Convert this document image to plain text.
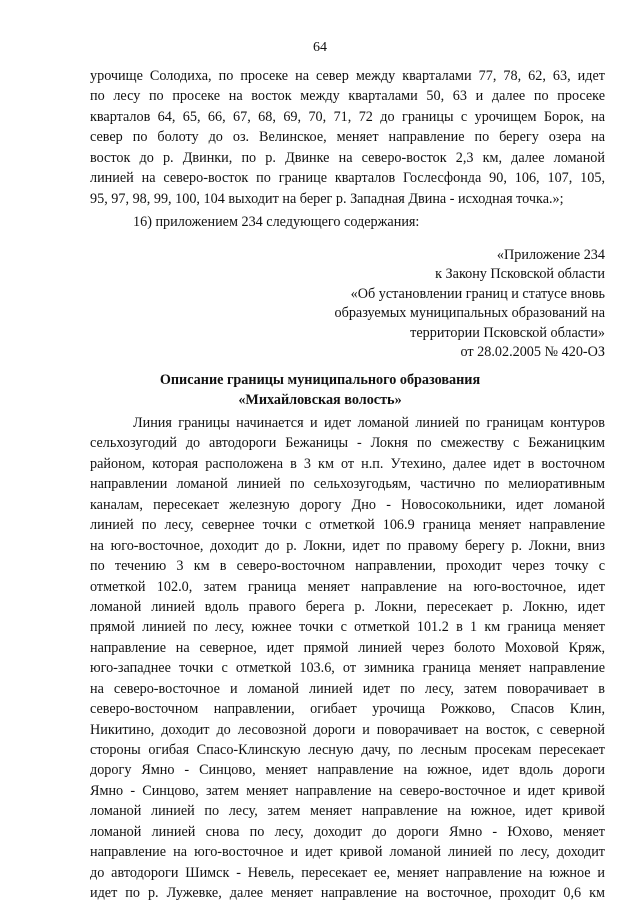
64
урочище Солодиха, по просеке на север между кварталами 77, 78, 62, 63, идет
по лесу по просеке на восток между кварталами 50, 63 и далее по просеке
кварталов 64, 65, 66, 67, 68, 69, 70, 71, 72 до границы с урочищем Борок, на
север по болоту до оз. Велинское, меняет направление по берегу озера на
восток до р. Двинки, по р. Двинке на северо-восток 2,3 км, далее ломаной
линией на северо-восток по границе кварталов Гослесфонда 90, 106, 107, 105,
95, 97, 98, 99, 100, 104 выходит на берег р. Западная Двина - исходная точка.»;
16) приложением 234 следующего содержания:
«Приложение 234
к Закону Псковской области
«Об установлении границ и статусе вновь
образуемых муниципальных образований на
территории Псковской области»
от 28.02.2005 № 420-ОЗ
Описание границы муниципального образования
«Михайловская волость»
Линия границы начинается и идет ломаной линией по границам контуров
сельхозугодий до автодороги Бежаницы - Локня по смежеству с Бежаницким
районом, которая расположена в 3 км от н.п. Утехино, далее идет в восточном
направлении ломаной линией по сельхозугодьям, частично по мелиоративным
каналам, пересекает железную дорогу Дно - Новосокольники, идет ломаной
линией по лесу, севернее точки с отметкой 106.9 граница меняет направление
на юго-восточное, доходит до р. Локни, идет по правому берегу р. Локни, вниз
по течению 3 км в северо-восточном направлении, проходит через точку с
отметкой 102.0, затем граница меняет направление на юго-восточное, идет
ломаной линией вдоль правого берега р. Локни, пересекает р. Локню, идет
прямой линией по лесу, южнее точки с отметкой 101.2 в 1 км граница меняет
направление на северное, идет прямой линией через болото Моховой Кряж,
юго-западнее точки с отметкой 103.6, от зимника граница меняет направление
на северо-восточное и ломаной линией идет по лесу, затем поворачивает в
северо-восточном направлении, огибает урочища Рожково, Спасов Клин,
Никитино, доходит до лесовозной дороги и поворачивает на восток, с северной
стороны огибая Спасо-Клинскую лесную дачу, по лесным просекам пересекает
дорогу Ямно - Синцово, меняет направление на южное, идет вдоль дороги
Ямно - Синцово, затем меняет направление на северо-восточное и идет кривой
ломаной линией по лесу, затем меняет направление на южное, идет кривой
ломаной линией снова по лесу, доходит до дороги Ямно - Юхово, меняет
направление на юго-восточное и идет кривой ломаной линией по лесу, доходит
до автодороги Шимск - Невель, пересекает ее, меняет направление на южное и
идет по р. Лужевке, далее меняет направление на восточное, проходит 0,6 км
